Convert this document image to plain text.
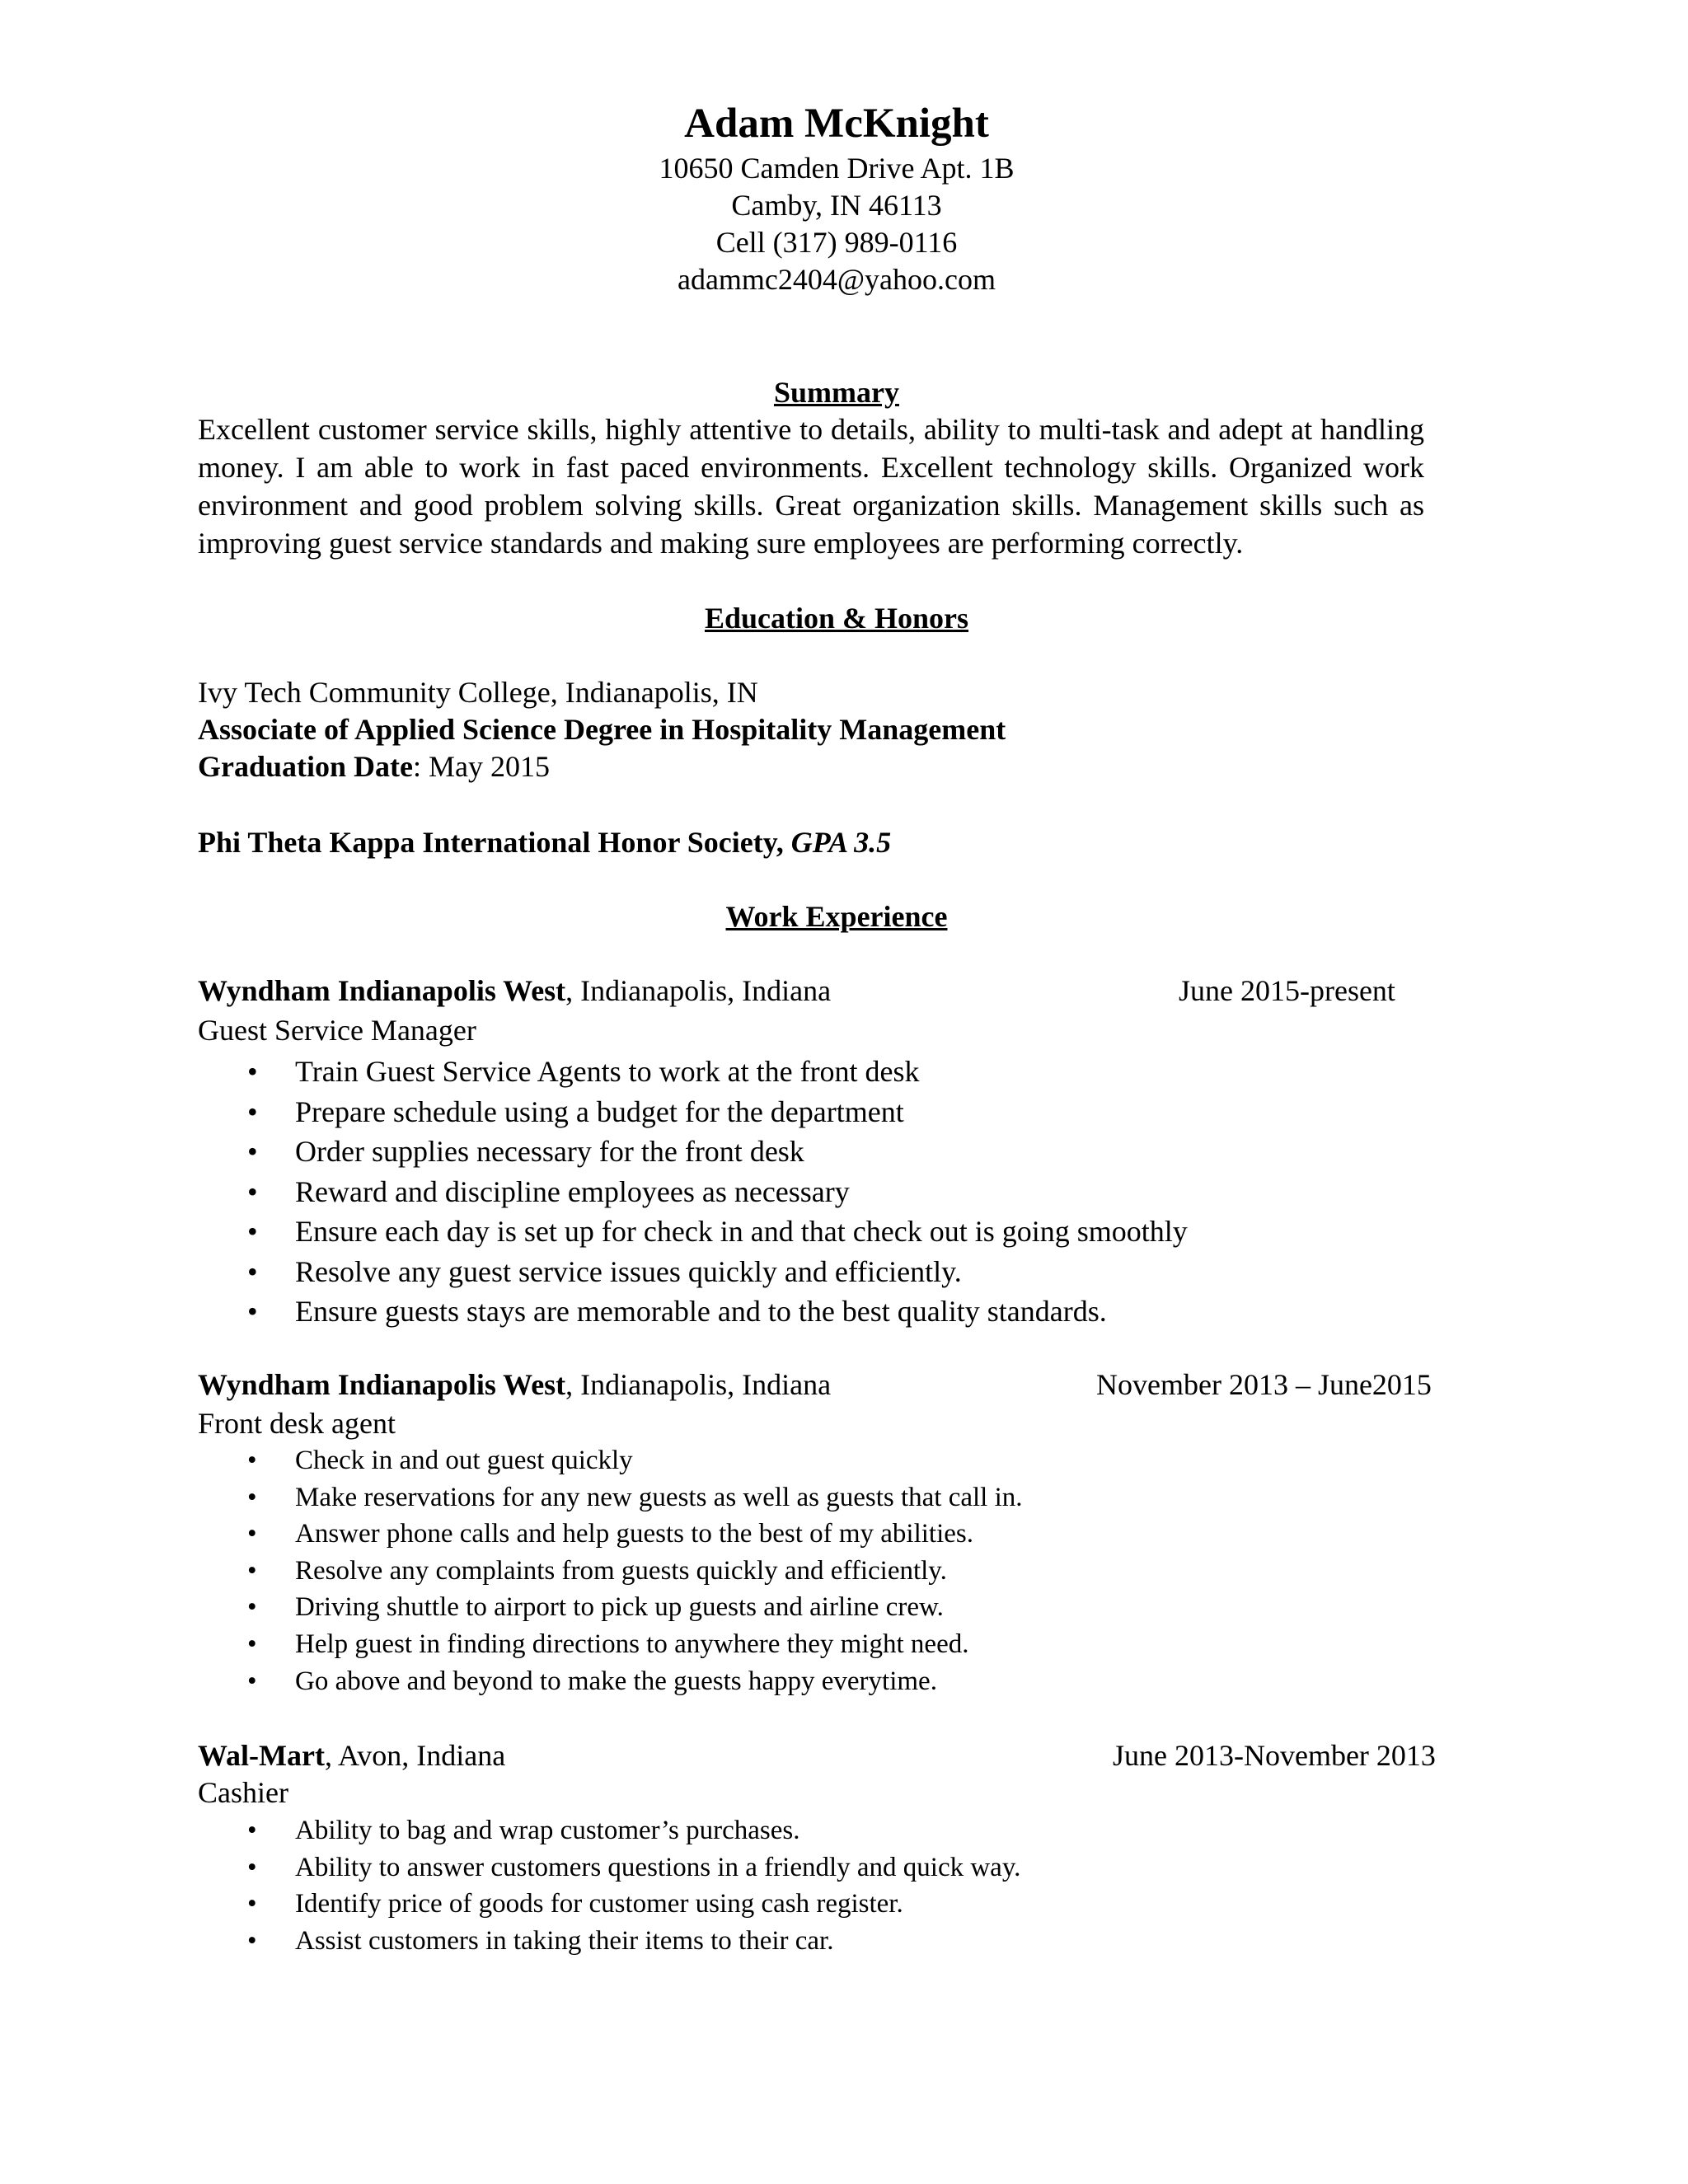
Adam McKnight
10650 Camden Drive Apt. 1B
Camby, IN 46113
Cell (317) 989-0116
adammc2404@yahoo.com
Summary
Excellent customer service skills, highly attentive to details, ability to multi-task and adept at handling money. I am able to work in fast paced environments. Excellent technology skills. Organized work environment and good problem solving skills. Great organization skills. Management skills such as improving guest service standards and making sure employees are performing correctly.
Education & Honors
Ivy Tech Community College, Indianapolis, IN
Associate of Applied Science Degree in Hospitality Management
Graduation Date: May 2015
Phi Theta Kappa International Honor Society, GPA 3.5
Work Experience
Wyndham Indianapolis West, Indianapolis, Indiana	June 2015-present
Guest Service Manager
• Train Guest Service Agents to work at the front desk
• Prepare schedule using a budget for the department
• Order supplies necessary for the front desk
• Reward and discipline employees as necessary
• Ensure each day is set up for check in and that check out is going smoothly
• Resolve any guest service issues quickly and efficiently.
• Ensure guests stays are memorable and to the best quality standards.
Wyndham Indianapolis West, Indianapolis, Indiana	November 2013 – June2015
Front desk agent
• Check in and out guest quickly
• Make reservations for any new guests as well as guests that call in.
• Answer phone calls and help guests to the best of my abilities.
• Resolve any complaints from guests quickly and efficiently.
• Driving shuttle to airport to pick up guests and airline crew.
• Help guest in finding directions to anywhere they might need.
• Go above and beyond to make the guests happy everytime.
Wal-Mart, Avon, Indiana	June 2013-November 2013
Cashier
• Ability to bag and wrap customer’s purchases.
• Ability to answer customers questions in a friendly and quick way.
• Identify price of goods for customer using cash register.
• Assist customers in taking their items to their car.
